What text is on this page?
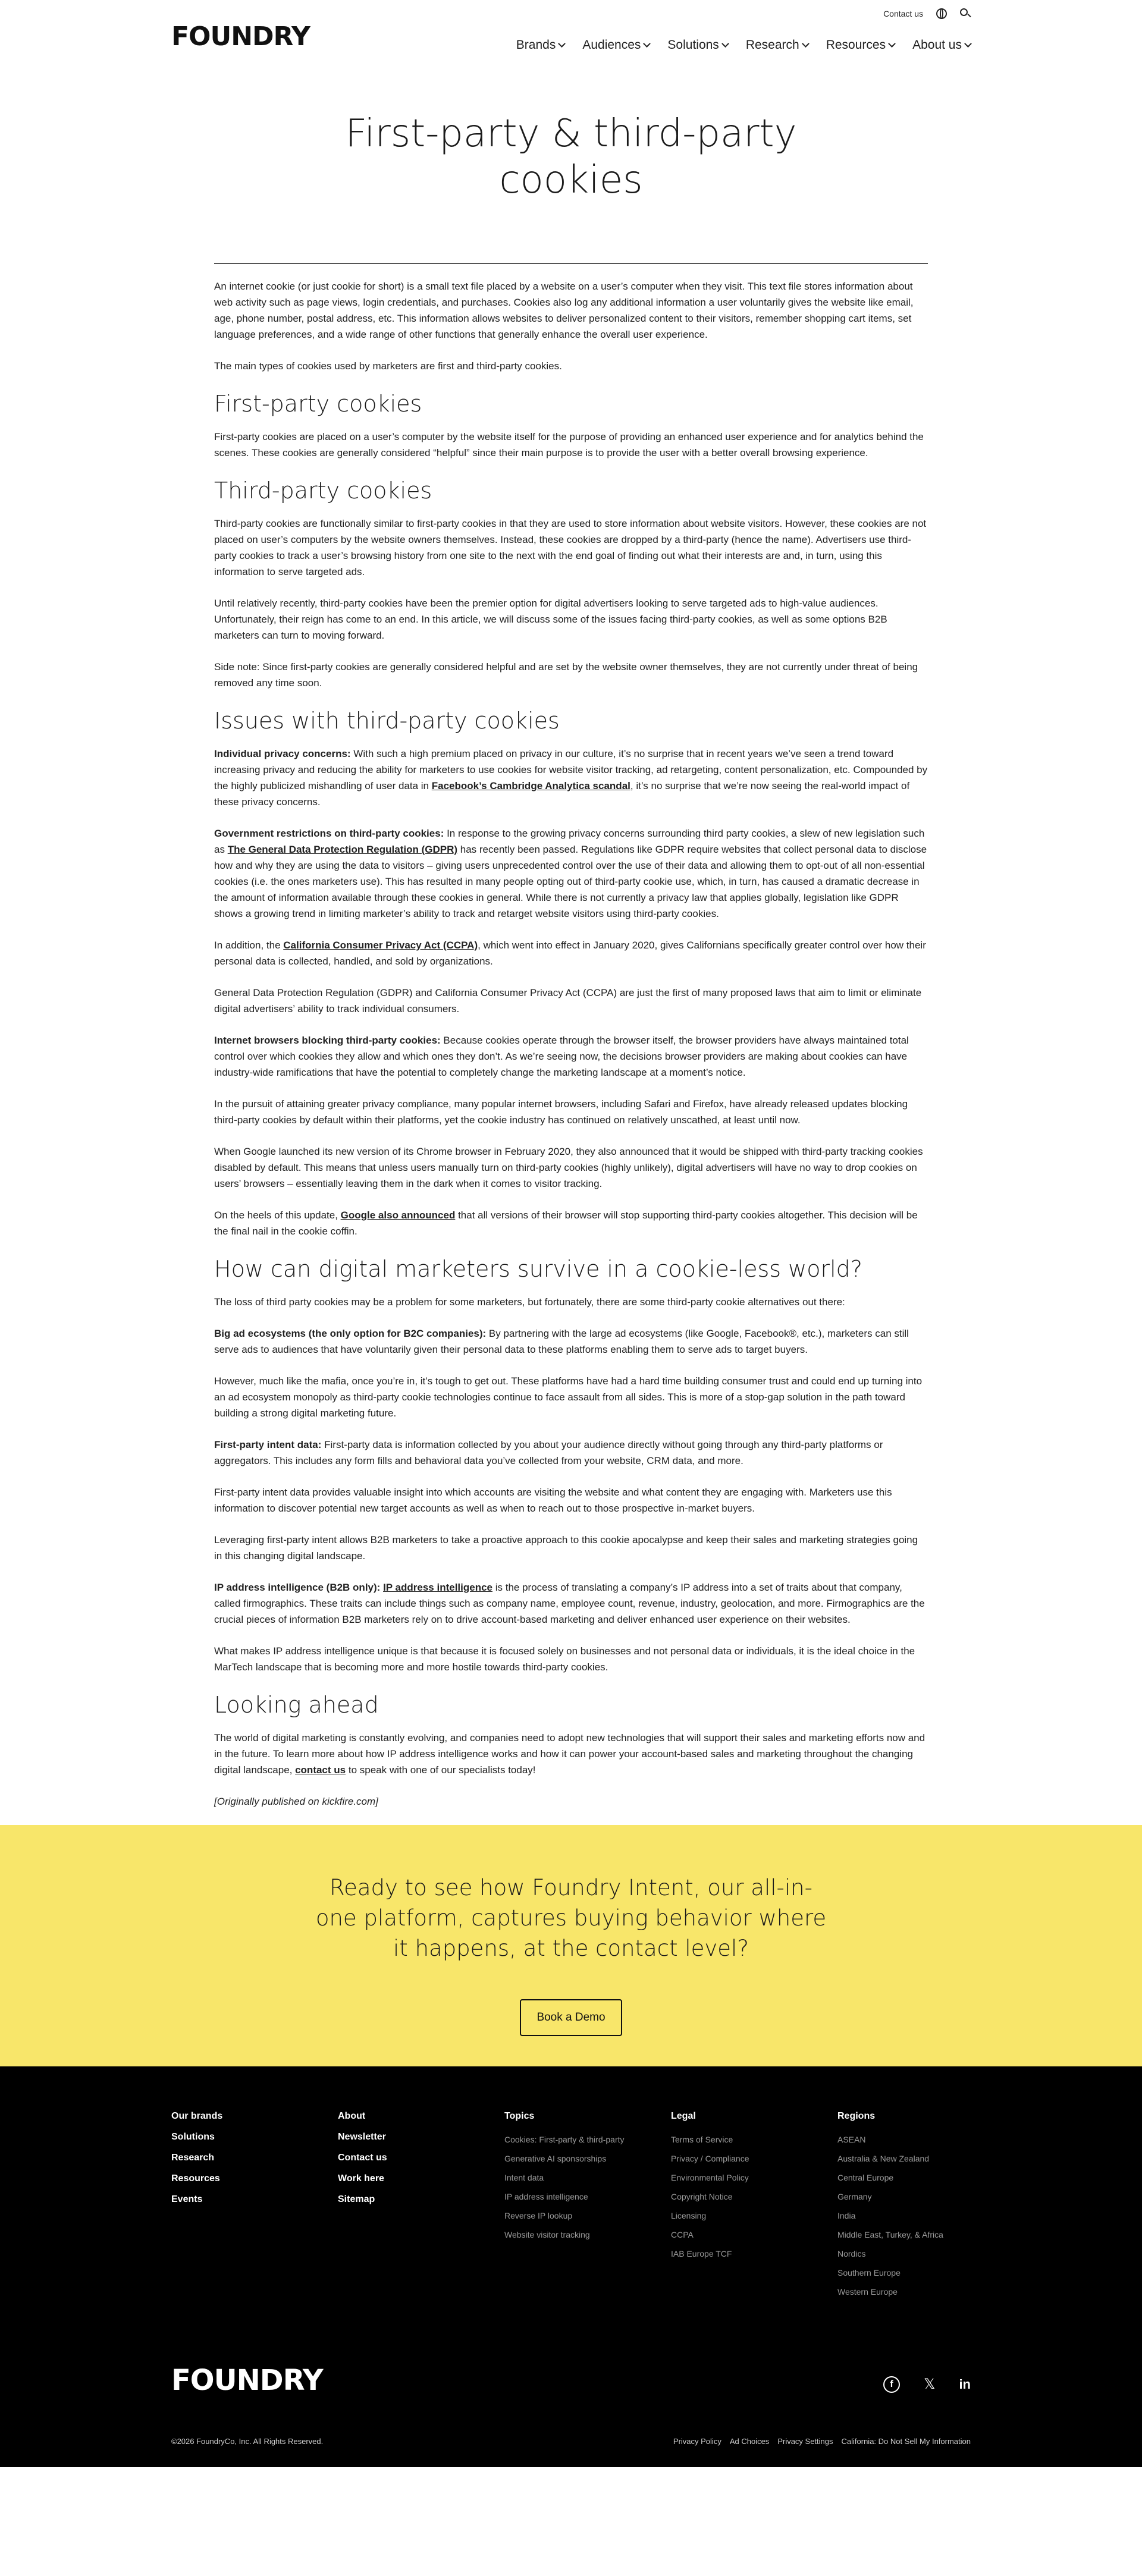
FOUNDRY
Contact us
Brands Audiences Solutions Research Resources About us
First-party & third-party cookies

An internet cookie (or just cookie for short) is a small text file placed by a website on a user’s computer when they visit. This text file stores information about web activity such as page views, login credentials, and purchases. Cookies also log any additional information a user voluntarily gives the website like email, age, phone number, postal address, etc. This information allows websites to deliver personalized content to their visitors, remember shopping cart items, set language preferences, and a wide range of other functions that generally enhance the overall user experience.

The main types of cookies used by marketers are first and third-party cookies.

First-party cookies

First-party cookies are placed on a user’s computer by the website itself for the purpose of providing an enhanced user experience and for analytics behind the scenes. These cookies are generally considered “helpful” since their main purpose is to provide the user with a better overall browsing experience.

Third-party cookies

Third-party cookies are functionally similar to first-party cookies in that they are used to store information about website visitors. However, these cookies are not placed on user’s computers by the website owners themselves. Instead, these cookies are dropped by a third-party (hence the name). Advertisers use third-party cookies to track a user’s browsing history from one site to the next with the end goal of finding out what their interests are and, in turn, using this information to serve targeted ads.

Until relatively recently, third-party cookies have been the premier option for digital advertisers looking to serve targeted ads to high-value audiences. Unfortunately, their reign has come to an end. In this article, we will discuss some of the issues facing third-party cookies, as well as some options B2B marketers can turn to moving forward.

Side note: Since first-party cookies are generally considered helpful and are set by the website owner themselves, they are not currently under threat of being removed any time soon.

Issues with third-party cookies

Individual privacy concerns: With such a high premium placed on privacy in our culture, it’s no surprise that in recent years we’ve seen a trend toward increasing privacy and reducing the ability for marketers to use cookies for website visitor tracking, ad retargeting, content personalization, etc. Compounded by the highly publicized mishandling of user data in Facebook’s Cambridge Analytica scandal, it’s no surprise that we’re now seeing the real-world impact of these privacy concerns.

Government restrictions on third-party cookies: In response to the growing privacy concerns surrounding third party cookies, a slew of new legislation such as The General Data Protection Regulation (GDPR) has recently been passed. Regulations like GDPR require websites that collect personal data to disclose how and why they are using the data to visitors – giving users unprecedented control over the use of their data and allowing them to opt-out of all non-essential cookies (i.e. the ones marketers use). This has resulted in many people opting out of third-party cookie use, which, in turn, has caused a dramatic decrease in the amount of information available through these cookies in general. While there is not currently a privacy law that applies globally, legislation like GDPR shows a growing trend in limiting marketer’s ability to track and retarget website visitors using third-party cookies.

In addition, the California Consumer Privacy Act (CCPA), which went into effect in January 2020, gives Californians specifically greater control over how their personal data is collected, handled, and sold by organizations.

General Data Protection Regulation (GDPR) and California Consumer Privacy Act (CCPA) are just the first of many proposed laws that aim to limit or eliminate digital advertisers’ ability to track individual consumers.

Internet browsers blocking third-party cookies: Because cookies operate through the browser itself, the browser providers have always maintained total control over which cookies they allow and which ones they don’t. As we’re seeing now, the decisions browser providers are making about cookies can have industry-wide ramifications that have the potential to completely change the marketing landscape at a moment’s notice.

In the pursuit of attaining greater privacy compliance, many popular internet browsers, including Safari and Firefox, have already released updates blocking third-party cookies by default within their platforms, yet the cookie industry has continued on relatively unscathed, at least until now.

When Google launched its new version of its Chrome browser in February 2020, they also announced that it would be shipped with third-party tracking cookies disabled by default. This means that unless users manually turn on third-party cookies (highly unlikely), digital advertisers will have no way to drop cookies on users’ browsers – essentially leaving them in the dark when it comes to visitor tracking.

On the heels of this update, Google also announced that all versions of their browser will stop supporting third-party cookies altogether. This decision will be the final nail in the cookie coffin.

How can digital marketers survive in a cookie-less world?

The loss of third party cookies may be a problem for some marketers, but fortunately, there are some third-party cookie alternatives out there:

Big ad ecosystems (the only option for B2C companies): By partnering with the large ad ecosystems (like Google, Facebook®, etc.), marketers can still serve ads to audiences that have voluntarily given their personal data to these platforms enabling them to serve ads to target buyers.

However, much like the mafia, once you’re in, it’s tough to get out. These platforms have had a hard time building consumer trust and could end up turning into an ad ecosystem monopoly as third-party cookie technologies continue to face assault from all sides. This is more of a stop-gap solution in the path toward building a strong digital marketing future.

First-party intent data: First-party data is information collected by you about your audience directly without going through any third-party platforms or aggregators. This includes any form fills and behavioral data you’ve collected from your website, CRM data, and more.

First-party intent data provides valuable insight into which accounts are visiting the website and what content they are engaging with. Marketers use this information to discover potential new target accounts as well as when to reach out to those prospective in-market buyers.

Leveraging first-party intent allows B2B marketers to take a proactive approach to this cookie apocalypse and keep their sales and marketing strategies going in this changing digital landscape.

IP address intelligence (B2B only): IP address intelligence is the process of translating a company’s IP address into a set of traits about that company, called firmographics. These traits can include things such as company name, employee count, revenue, industry, geolocation, and more. Firmographics are the crucial pieces of information B2B marketers rely on to drive account-based marketing and deliver enhanced user experience on their websites.

What makes IP address intelligence unique is that because it is focused solely on businesses and not personal data or individuals, it is the ideal choice in the MarTech landscape that is becoming more and more hostile towards third-party cookies.

Looking ahead

The world of digital marketing is constantly evolving, and companies need to adopt new technologies that will support their sales and marketing efforts now and in the future. To learn more about how IP address intelligence works and how it can power your account-based sales and marketing throughout the changing digital landscape, contact us to speak with one of our specialists today!

[Originally published on kickfire.com]

Ready to see how Foundry Intent, our all-in-one platform, captures buying behavior where it happens, at the contact level?
Book a Demo
Our brands
Solutions
Research
Resources
Events
About
Newsletter
Contact us
Work here
Sitemap
Topics
Cookies: First-party & third-party
Generative AI sponsorships
Intent data
IP address intelligence
Reverse IP lookup
Website visitor tracking
Legal
Terms of Service
Privacy / Compliance
Environmental Policy
Copyright Notice
Licensing
CCPA
IAB Europe TCF
Regions
ASEAN
Australia & New Zealand
Central Europe
Germany
India
Middle East, Turkey, & Africa
Nordics
Southern Europe
Western Europe
FOUNDRY	f	𝕏 in
©2026 FoundryCo, Inc. All Rights Reserved.	Privacy Policy Ad Choices Privacy Settings California: Do Not Sell My Information
